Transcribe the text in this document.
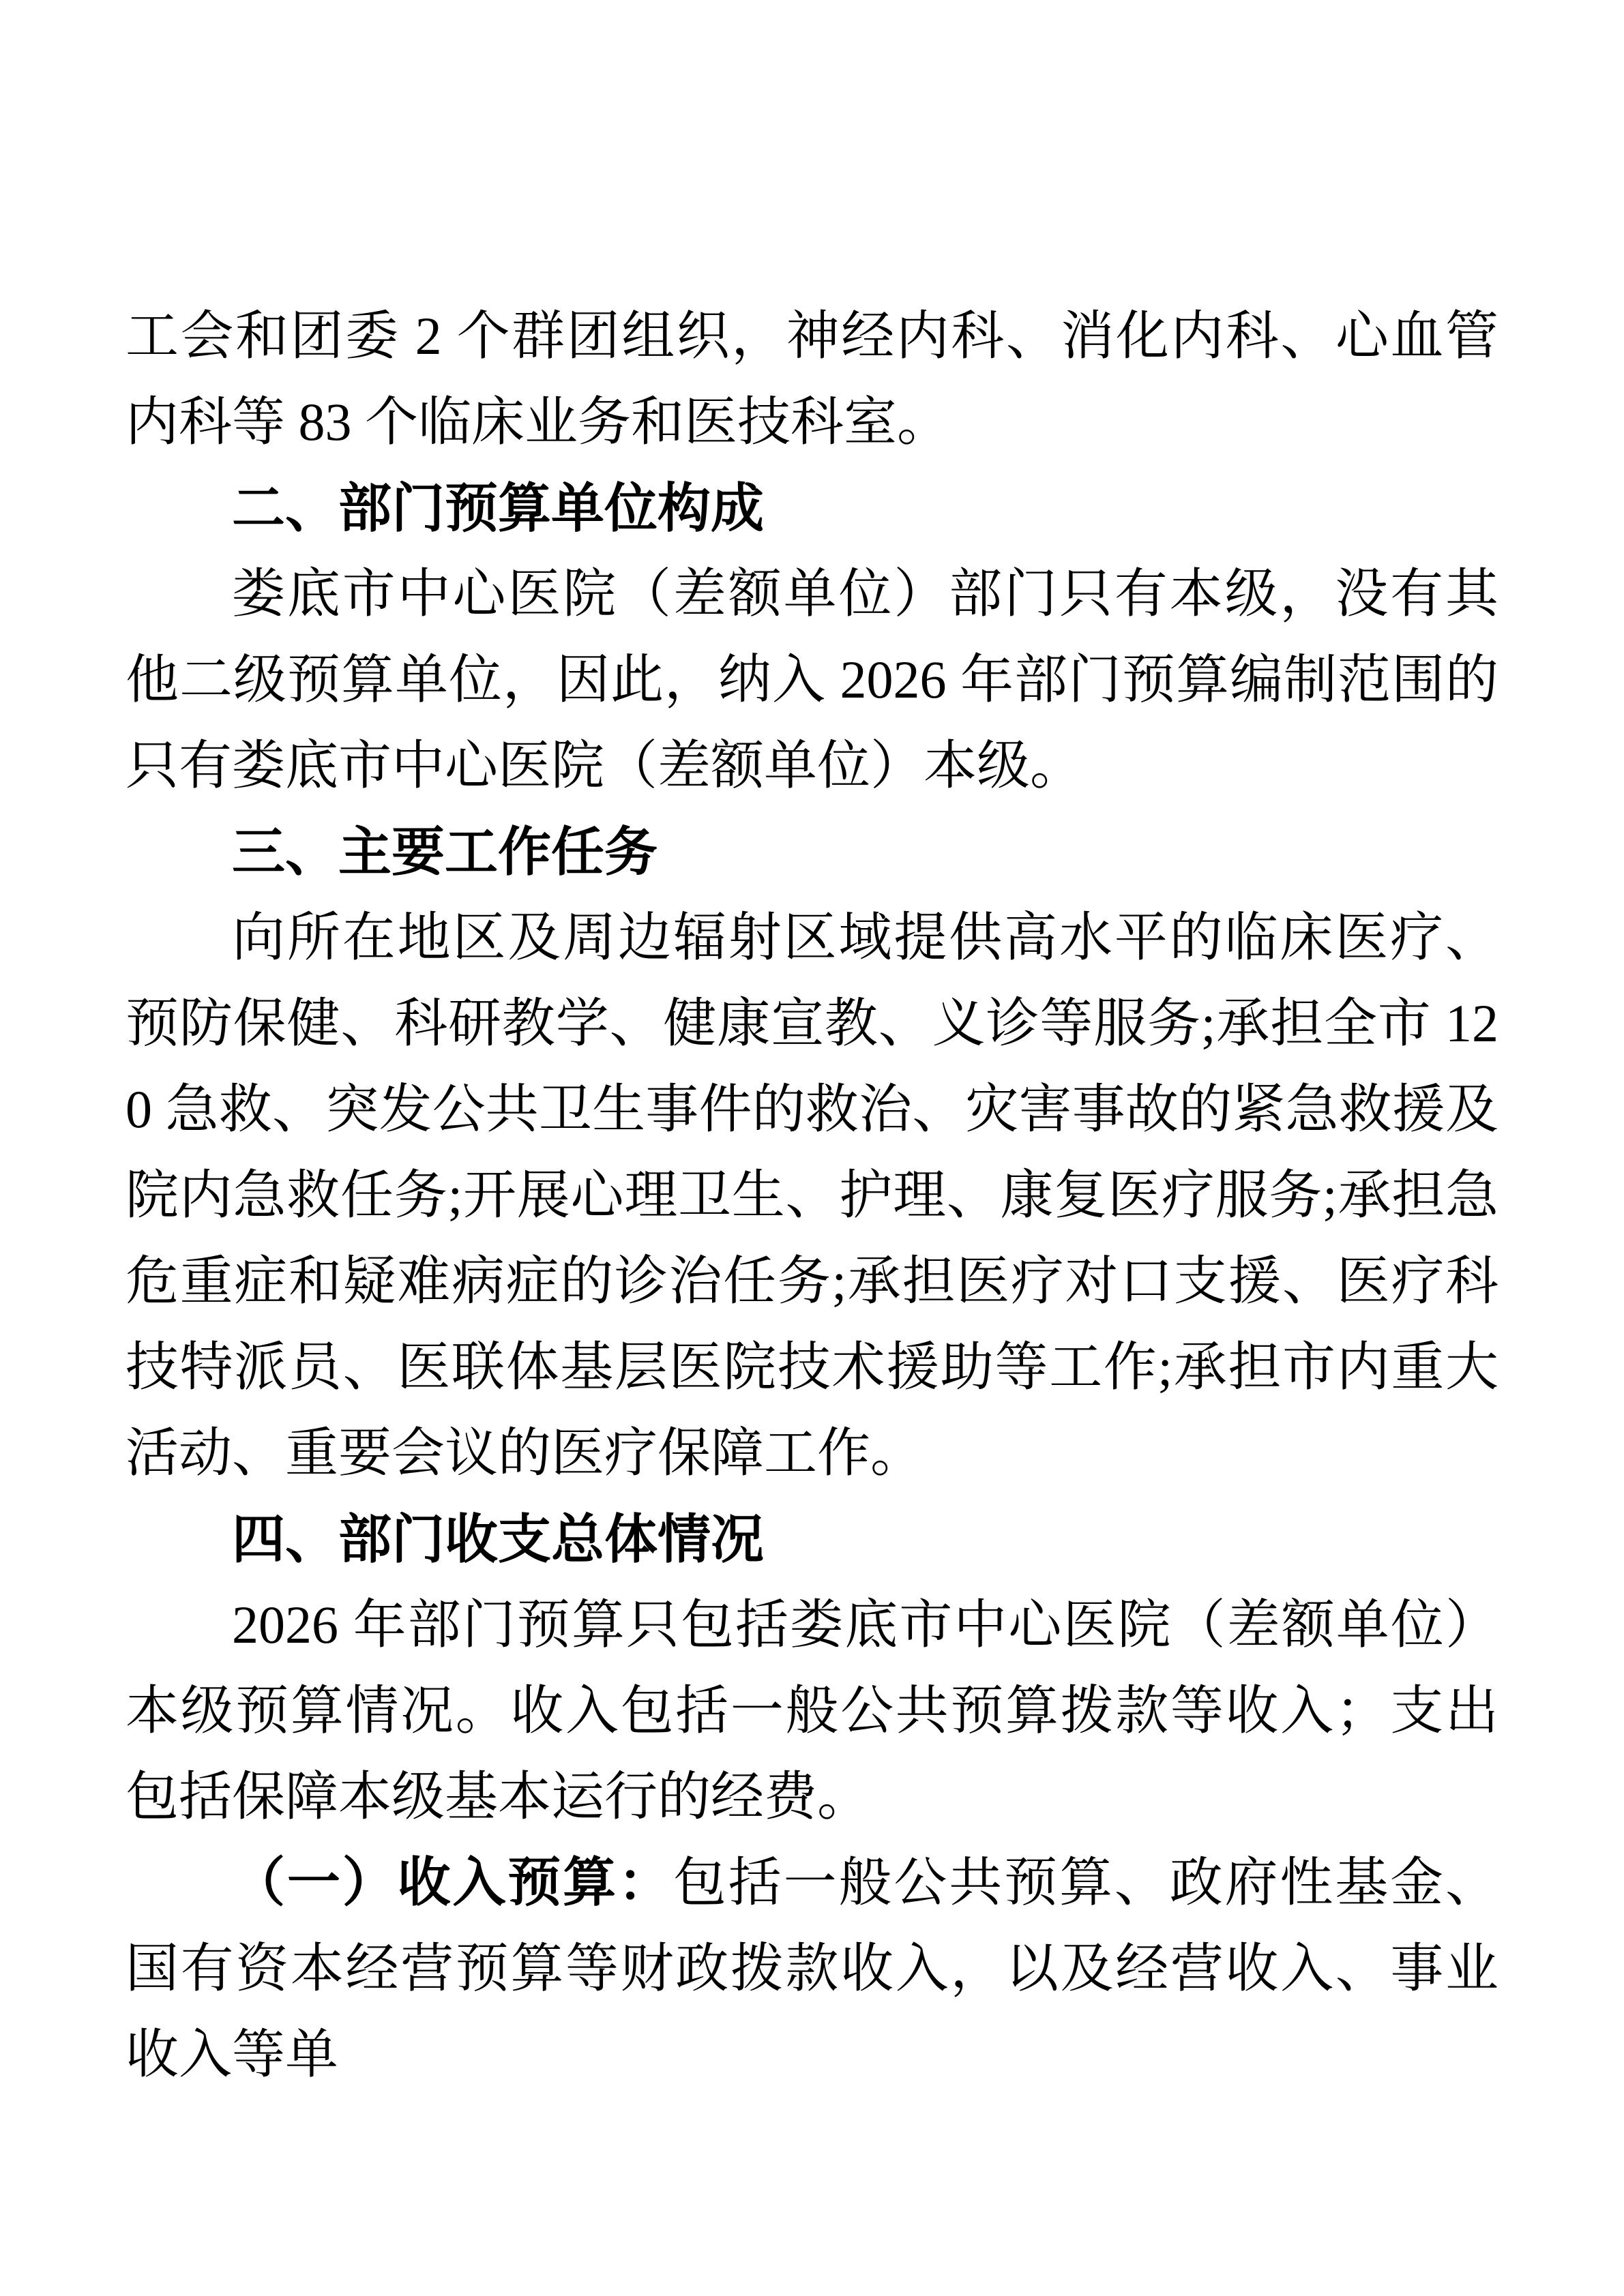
工会和团委 2 个群团组织，神经内科、消化内科、心血管内科等 83 个临床业务和医技科室。

二、部门预算单位构成

娄底市中心医院（差额单位）部门只有本级，没有其他二级预算单位，因此，纳入 2026 年部门预算编制范围的只有娄底市中心医院（差额单位）本级。

三、主要工作任务

向所在地区及周边辐射区域提供高水平的临床医疗、预防保健、科研教学、健康宣教、义诊等服务;承担全市 120 急救、突发公共卫生事件的救治、灾害事故的紧急救援及院内急救任务;开展心理卫生、护理、康复医疗服务;承担急危重症和疑难病症的诊治任务;承担医疗对口支援、医疗科技特派员、医联体基层医院技术援助等工作;承担市内重大活动、重要会议的医疗保障工作。

四、部门收支总体情况

2026 年部门预算只包括娄底市中心医院（差额单位）本级预算情况。收入包括一般公共预算拨款等收入；支出包括保障本级基本运行的经费。

（一）收入预算：包括一般公共预算、政府性基金、国有资本经营预算等财政拨款收入，以及经营收入、事业收入等单
